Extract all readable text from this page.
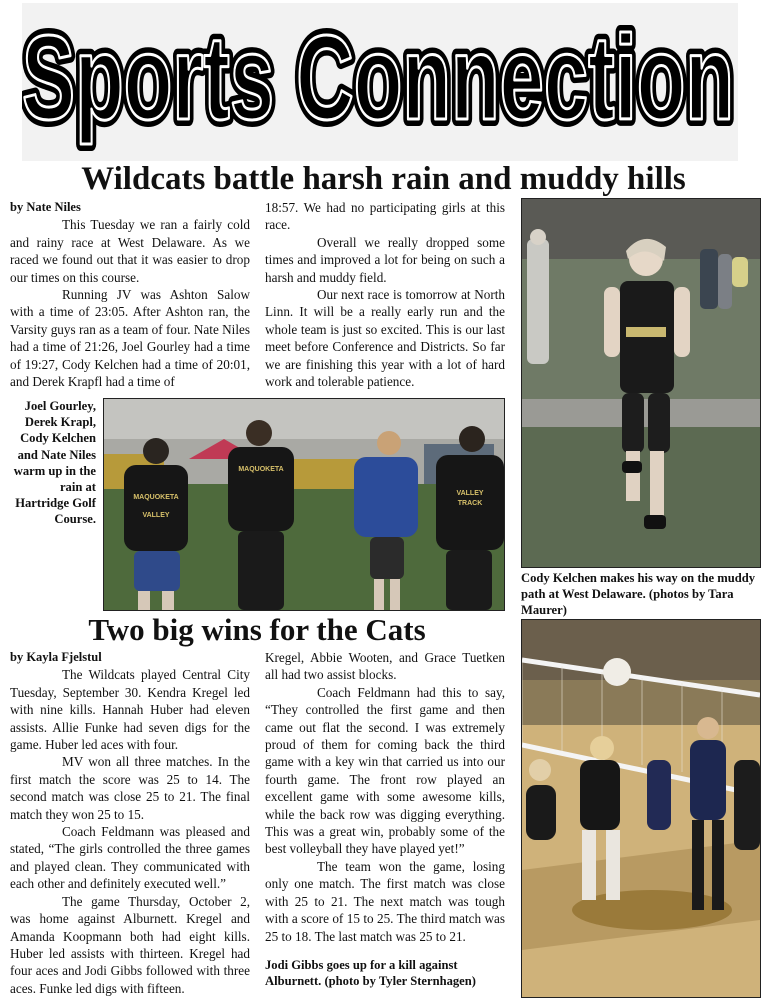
Sports Connection
Sports Connection
Wildcats battle harsh rain and muddy hills
by Nate Niles

This Tuesday we ran a fairly cold and rainy race at West Delaware. As we raced we found out that it was easier to drop our times on this course.

Running JV was Ashton Salow with a time of 23:05. After Ashton ran, the Varsity guys ran as a team of four. Nate Niles had a time of 21:26, Joel Gourley had a time of 19:27, Cody Kelchen had a time of 20:01, and Derek Krapfl had a time of

18:57. We had no participating girls at this race.

Overall we really dropped some times and improved a lot for being on such a harsh and muddy field.

Our next race is tomorrow at North Linn. It will be a really early run and the whole team is just so excited. This is our last meet before Conference and Districts. So far we are finishing this year with a lot of hard work and tolerable patience.

Joel Gourley, Derek Krapl, Cody Kelchen and Nate Niles warm up in the rain at Hartridge Golf Course.
MAQUOKETA
VALLEY
MAQUOKETA
VALLEY
TRACK
Cody Kelchen makes his way on the muddy path at West Delaware. (photos by Tara Maurer)
Two big wins for the Cats
by Kayla Fjelstul

The Wildcats played Central City Tuesday, September 30. Kendra Kregel led with nine kills. Hannah Huber had eleven assists. Allie Funke had seven digs for the game. Huber led aces with four.

MV won all three matches. In the first match the score was 25 to 14. The second match was close 25 to 21. The final match they won 25 to 15.

Coach Feldmann was pleased and stated, “The girls controlled the three games and played clean. They communicated with each other and definitely executed well.”

The game Thursday, October 2, was home against Alburnett. Kregel and Amanda Koopmann both had eight kills. Huber led assists with thirteen. Kregel had four aces and Jodi Gibbs followed with three aces. Funke led digs with fifteen.

Kregel, Abbie Wooten, and Grace Tuetken all had two assist blocks.

Coach Feldmann had this to say, “They controlled the first game and then came out flat the second. I was extremely proud of them for coming back the third game with a key win that carried us into our fourth game. The front row played an excellent game with some awesome kills, while the back row was digging everything. This was a great win, probably some of the best volleyball they have played yet!”

The team won the game, losing only one match. The first match was close with 25 to 21. The next match was tough with a score of 15 to 25. The third match was 25 to 18. The last match was 25 to 21.

Jodi Gibbs goes up for a kill against Alburnett. (photo by Tyler Sternhagen)
